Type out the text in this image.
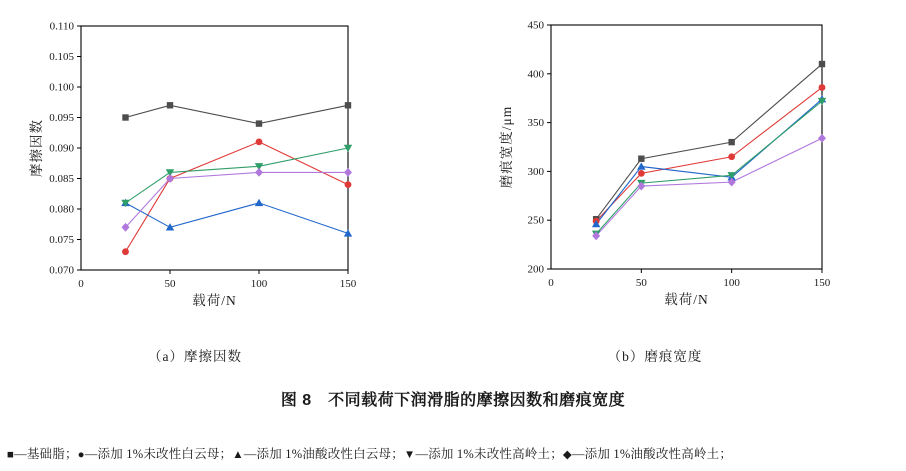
0.070
0.075
0.080
0.085
0.090
0.095
0.100
0.105
0.110
0	50	100	150
载荷/N
摩擦因数
200
250
300
350
400
450
0	50	100	150
载荷/N
磨痕宽度/μm
（a）摩擦因数	（b）磨痕宽度
图 8　不同载荷下润滑脂的摩擦因数和磨痕宽度
■—基础脂；●—添加 1%未改性白云母；▲—添加 1%油酸改性白云母；▼—添加 1%未改性高岭土；◆—添加 1%油酸改性高岭土；
